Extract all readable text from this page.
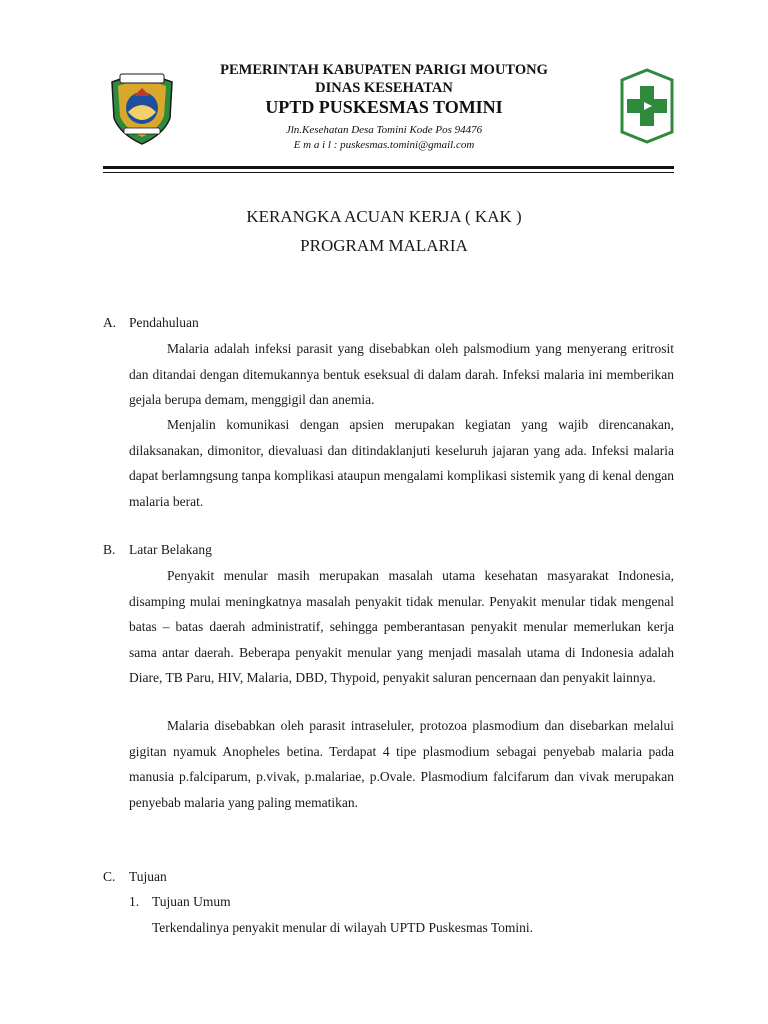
PEMERINTAH KABUPATEN PARIGI MOUTONG
DINAS KESEHATAN
UPTD PUSKESMAS TOMINI
Jln.Kesehatan Desa Tomini Kode Pos 94476
E m a i l : puskesmas.tomini@gmail.com
KERANGKA ACUAN KERJA ( KAK )
PROGRAM MALARIA
A. Pendahuluan

Malaria adalah infeksi parasit yang disebabkan oleh palsmodium yang menyerang eritrosit dan ditandai dengan ditemukannya bentuk eseksual di dalam darah. Infeksi malaria ini memberikan gejala berupa demam, menggigil dan anemia.

Menjalin komunikasi dengan apsien merupakan kegiatan yang wajib direncanakan, dilaksanakan, dimonitor, dievaluasi dan ditindaklanjuti keseluruh jajaran yang ada. Infeksi malaria dapat berlamngsung tanpa komplikasi ataupun mengalami komplikasi sistemik yang di kenal dengan malaria berat.

B. Latar Belakang

Penyakit menular masih merupakan masalah utama kesehatan masyarakat Indonesia, disamping mulai meningkatnya masalah penyakit tidak menular. Penyakit menular tidak mengenal batas – batas daerah administratif, sehingga pemberantasan penyakit menular memerlukan kerja sama antar daerah. Beberapa penyakit menular yang menjadi masalah utama di Indonesia adalah Diare, TB Paru, HIV, Malaria, DBD, Thypoid, penyakit saluran pencernaan dan penyakit lainnya.

Malaria disebabkan oleh parasit intraseluler, protozoa plasmodium dan disebarkan melalui gigitan nyamuk Anopheles betina. Terdapat 4 tipe plasmodium sebagai penyebab malaria pada manusia p.falciparum, p.vivak, p.malariae, p.Ovale. Plasmodium falcifarum dan vivak merupakan penyebab malaria yang paling mematikan.

C. Tujuan
1. Tujuan Umum
Terkendalinya penyakit menular di wilayah UPTD Puskesmas Tomini.
